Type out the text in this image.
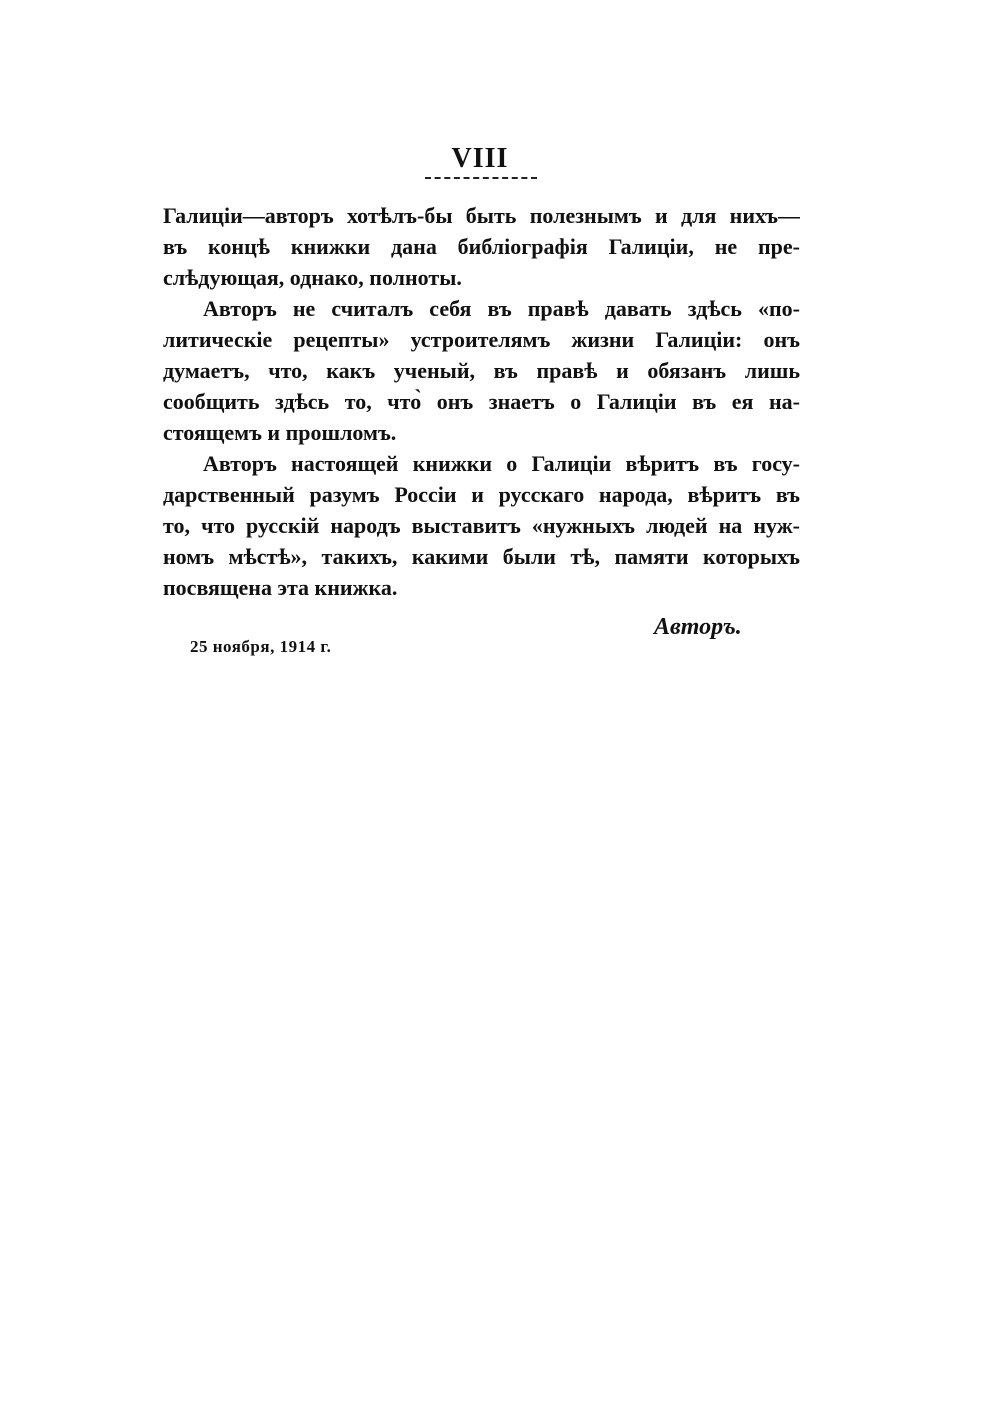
VIII
Галиціи—авторъ хотѣлъ-бы быть полезнымъ и для нихъ—
въ концѣ книжки дана библіографія Галиціи, не пре-
слѣдующая, однако, полноты.
Авторъ не считалъ себя въ правѣ давать здѣсь «по-
литическіе рецепты» устроителямъ жизни Галиціи: онъ
думаетъ, что, какъ ученый, въ правѣ и обязанъ лишь
сообщить здѣсь то, что̀ онъ знаетъ о Галиціи въ ея на-
стоящемъ и прошломъ.
Авторъ настоящей книжки о Галиціи вѣритъ въ госу-
дарственный разумъ Россіи и русскаго народа, вѣритъ въ
то, что русскій народъ выставитъ «нужныхъ людей на нуж-
номъ мѣстѣ», такихъ, какими были тѣ, памяти которыхъ
посвящена эта книжка.
Авторъ.
25 ноября, 1914 г.
